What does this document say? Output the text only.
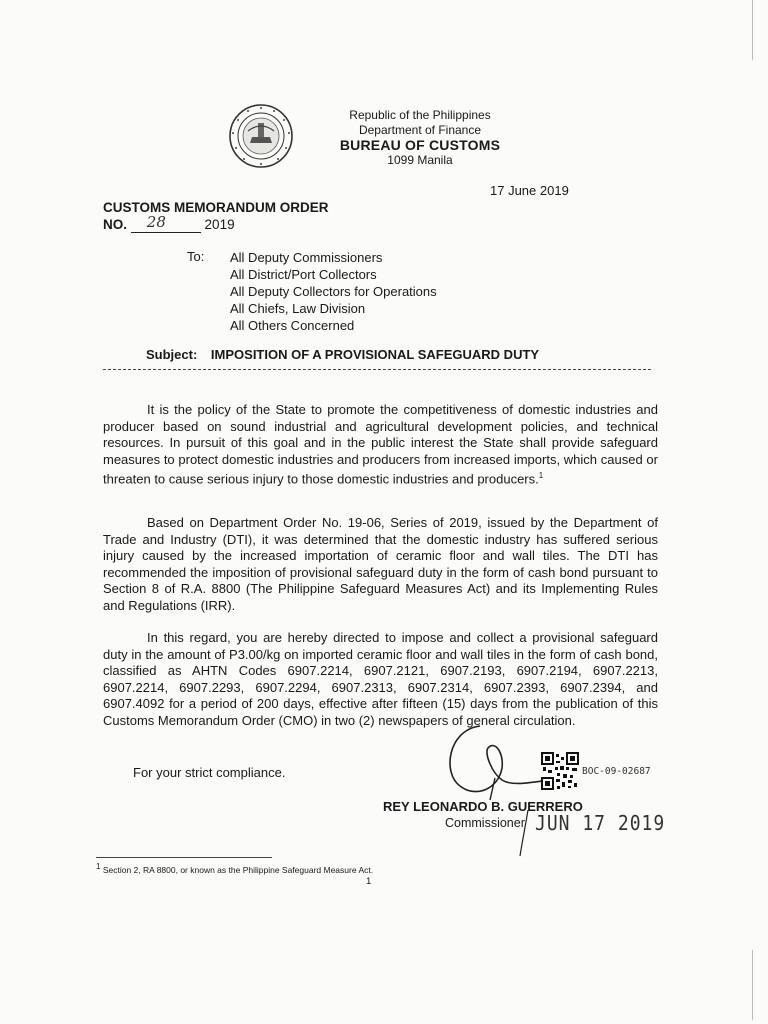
Republic of the Philippines
Department of Finance
BUREAU OF CUSTOMS
1099 Manila
17 June 2019
CUSTOMS MEMORANDUM ORDER
NO. 28	2019
To: All Deputy Commissioners
All District/Port Collectors
All Deputy Collectors for Operations
All Chiefs, Law Division
All Others Concerned
Subject: IMPOSITION OF A PROVISIONAL SAFEGUARD DUTY

It is the policy of the State to promote the competitiveness of domestic industries and producer based on sound industrial and agricultural development policies, and technical resources. In pursuit of this goal and in the public interest the State shall provide safeguard measures to protect domestic industries and producers from increased imports, which caused or threaten to cause serious injury to those domestic industries and producers.$^1$

Based on Department Order No. 19-06, Series of 2019, issued by the Department of Trade and Industry (DTI), it was determined that the domestic industry has suffered serious injury caused by the increased importation of ceramic floor and wall tiles. The DTI has recommended the imposition of provisional safeguard duty in the form of cash bond pursuant to Section 8 of R.A. 8800 (The Philippine Safeguard Measures Act) and its Implementing Rules and Regulations (IRR).

In this regard, you are hereby directed to impose and collect a provisional safeguard duty in the amount of P3.00/kg on imported ceramic floor and wall tiles in the form of cash bond, classified as AHTN Codes 6907.2214, 6907.2121, 6907.2193, 6907.2194, 6907.2213, 6907.2214, 6907.2293, 6907.2294, 6907.2313, 6907.2314, 6907.2393, 6907.2394, and 6907.4092 for a period of 200 days, effective after fifteen (15) days from the publication of this Customs Memorandum Order (CMO) in two (2) newspapers of general circulation.

For your strict compliance.	BOC-09-02687
REY LEONARDO B. GUERRERO
Commissioner JUN 17 2019
$^1$ Section 2, RA 8800, or known as the Philippine Safeguard Measure Act.
1
